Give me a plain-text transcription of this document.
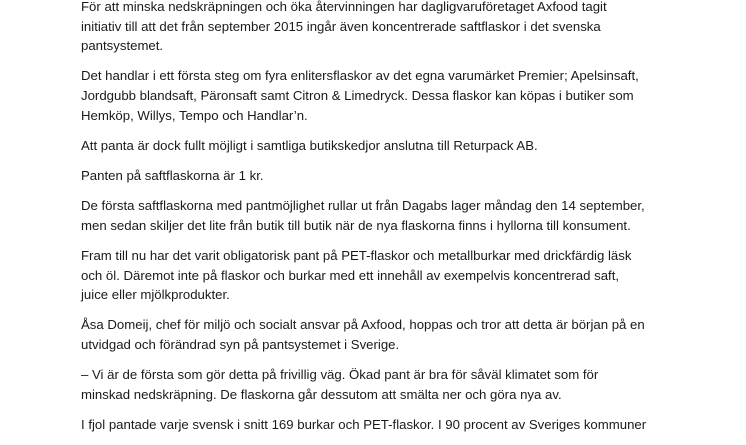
För att minska nedskräpningen och öka återvinningen har dagligvaruföretaget Axfood tagit
initiativ till att det från september 2015 ingår även koncentrerade saftflaskor i det svenska
pantsystemet.

Det handlar i ett första steg om fyra enlitersflaskor av det egna varumärket Premier; Apelsinsaft,
Jordgubb blandsaft, Päronsaft samt Citron & Limedryck. Dessa flaskor kan köpas i butiker som
Hemköp, Willys, Tempo och Handlar’n.

Att panta är dock fullt möjligt i samtliga butikskedjor anslutna till Returpack AB.

Panten på saftflaskorna är 1 kr.

De första saftflaskorna med pantmöjlighet rullar ut från Dagabs lager måndag den 14 september,
men sedan skiljer det lite från butik till butik när de nya flaskorna finns i hyllorna till konsument.

Fram till nu har det varit obligatorisk pant på PET-flaskor och metallburkar med drickfärdig läsk
och öl. Däremot inte på flaskor och burkar med ett innehåll av exempelvis koncentrerad saft,
juice eller mjölkprodukter.

Åsa Domeij, chef för miljö och socialt ansvar på Axfood, hoppas och tror att detta är början på en
utvidgad och förändrad syn på pantsystemet i Sverige.

– Vi är de första som gör detta på frivillig väg. Ökad pant är bra för såväl klimatet som för
minskad nedskräpning. De flaskorna går dessutom att smälta ner och göra nya av.

I fjol pantade varje svensk i snitt 169 burkar och PET-flaskor. I 90 procent av Sveriges kommuner
